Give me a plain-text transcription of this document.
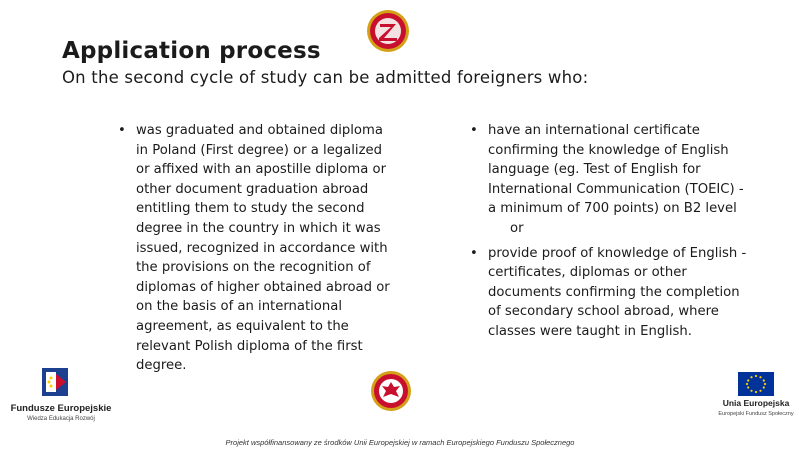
Application process

On the second cycle of study can be admitted foreigners who:

• was graduated and obtained diploma in Poland (First degree) or a legalized or affixed with an apostille diploma or other document graduation abroad entitling them to study the second degree in the country in which it was issued, recognized in accordance with the provisions on the recognition of diplomas of higher obtained abroad or on the basis of an international agreement, as equivalent to the relevant Polish diploma of the first degree.
• have an international certificate confirming the knowledge of English language (eg. Test of English for International Communication (TOEIC) - a minimum of 700 points) on B2 level
or
• provide proof of knowledge of English - certificates, diplomas or other documents confirming the completion of secondary school abroad, where classes were taught in English.
Fundusze Europejskie
Wiedza Edukacja Rozwój
Unia Europejska
Europejski Fundusz Społeczny
Projekt współfinansowany ze środków Unii Europejskiej w ramach Europejskiego Funduszu Społecznego
